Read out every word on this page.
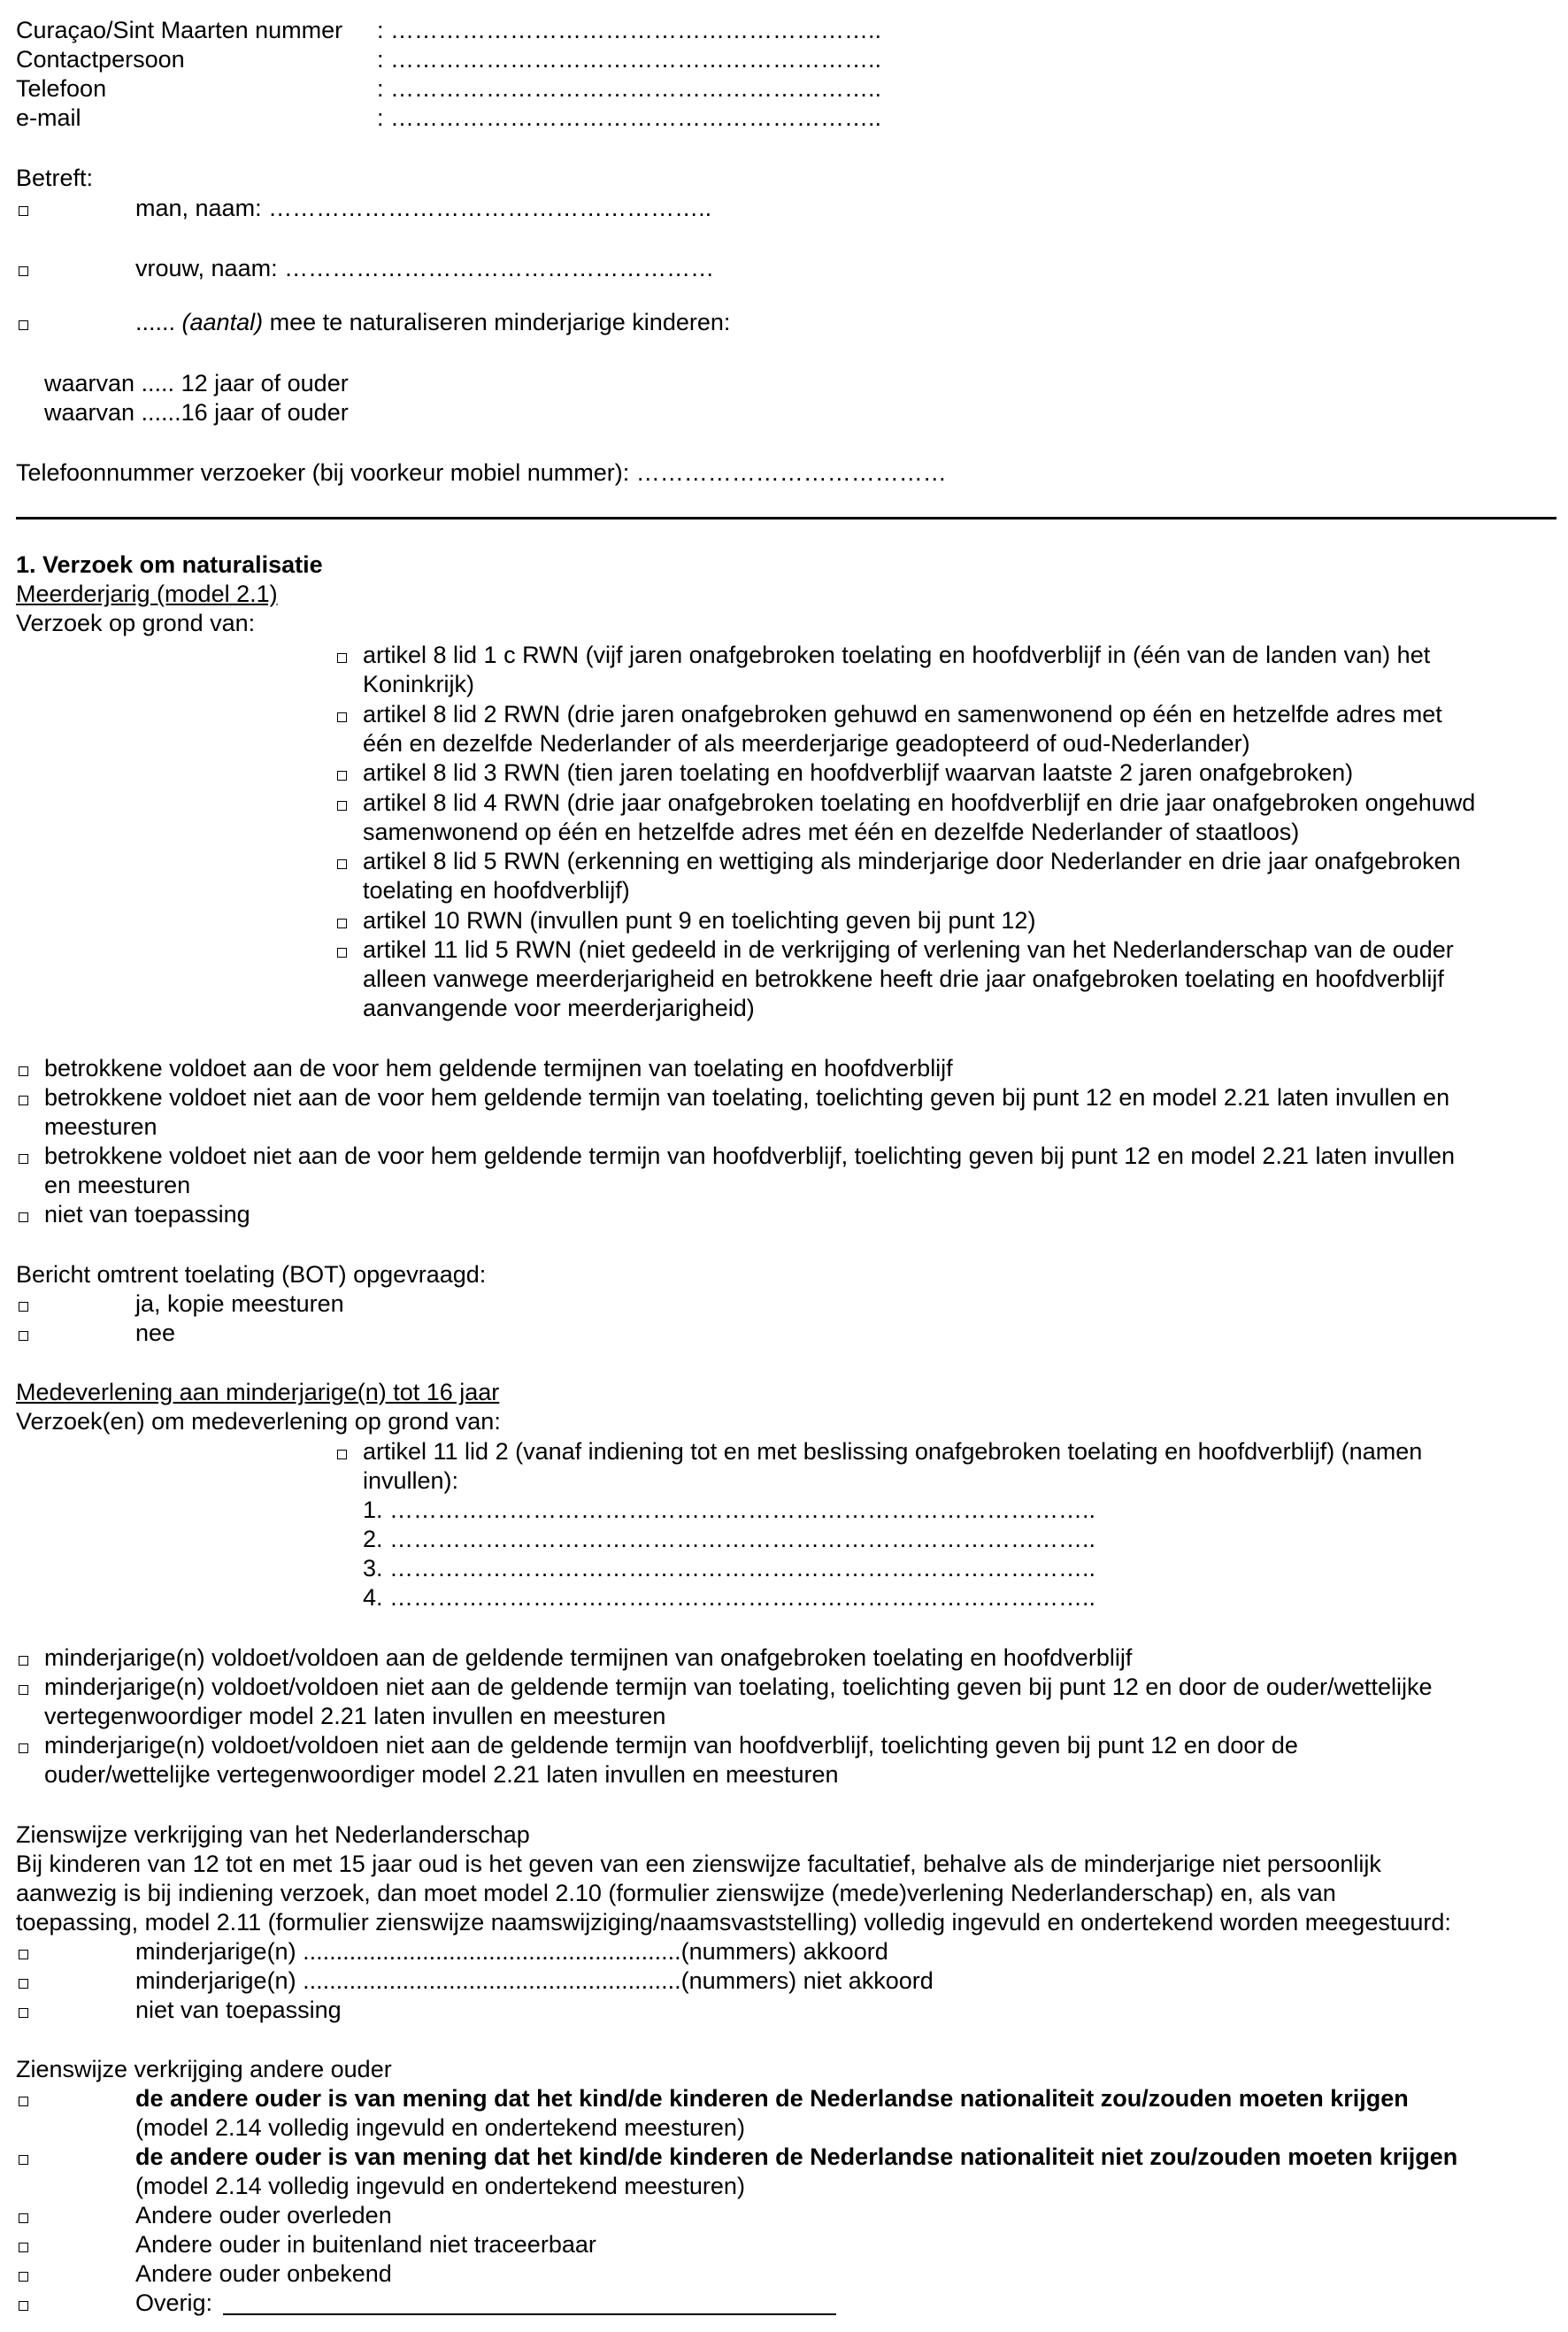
Curaçao/Sint Maarten nummer : ……………………………………………………..
Contactpersoon	: ……………………………………………………..
Telefoon	: ……………………………………………………..
e-mail	: ……………………………………………………..
Betreft:
man, naam: ………………………………………………..
vrouw, naam: ………………………………………………
...... (aantal) mee te naturaliseren minderjarige kinderen:
waarvan ..... 12 jaar of ouder
waarvan ......16 jaar of ouder
Telefoonnummer verzoeker (bij voorkeur mobiel nummer): …………………………………
1. Verzoek om naturalisatie
Meerderjarig (model 2.1)
Verzoek op grond van:
artikel 8 lid 1 c RWN (vijf jaren onafgebroken toelating en hoofdverblijf in (één van de landen van) het
Koninkrijk)
artikel 8 lid 2 RWN (drie jaren onafgebroken gehuwd en samenwonend op één en hetzelfde adres met
één en dezelfde Nederlander of als meerderjarige geadopteerd of oud-Nederlander)
artikel 8 lid 3 RWN (tien jaren toelating en hoofdverblijf waarvan laatste 2 jaren onafgebroken)
artikel 8 lid 4 RWN (drie jaar onafgebroken toelating en hoofdverblijf en drie jaar onafgebroken ongehuwd
samenwonend op één en hetzelfde adres met één en dezelfde Nederlander of staatloos)
artikel 8 lid 5 RWN (erkenning en wettiging als minderjarige door Nederlander en drie jaar onafgebroken
toelating en hoofdverblijf)
artikel 10 RWN (invullen punt 9 en toelichting geven bij punt 12)
artikel 11 lid 5 RWN (niet gedeeld in de verkrijging of verlening van het Nederlanderschap van de ouder
alleen vanwege meerderjarigheid en betrokkene heeft drie jaar onafgebroken toelating en hoofdverblijf
aanvangende voor meerderjarigheid)
betrokkene voldoet aan de voor hem geldende termijnen van toelating en hoofdverblijf
betrokkene voldoet niet aan de voor hem geldende termijn van toelating, toelichting geven bij punt 12 en model 2.21 laten invullen en
meesturen
betrokkene voldoet niet aan de voor hem geldende termijn van hoofdverblijf, toelichting geven bij punt 12 en model 2.21 laten invullen
en meesturen
niet van toepassing
Bericht omtrent toelating (BOT) opgevraagd:
ja, kopie meesturen
nee
Medeverlening aan minderjarige(n) tot 16 jaar
Verzoek(en) om medeverlening op grond van:
artikel 11 lid 2 (vanaf indiening tot en met beslissing onafgebroken toelating en hoofdverblijf) (namen
invullen):
1. ……………………………………………………………………………..
2. ……………………………………………………………………………..
3. ……………………………………………………………………………..
4. ……………………………………………………………………………..
minderjarige(n) voldoet/voldoen aan de geldende termijnen van onafgebroken toelating en hoofdverblijf
minderjarige(n) voldoet/voldoen niet aan de geldende termijn van toelating, toelichting geven bij punt 12 en door de ouder/wettelijke
vertegenwoordiger model 2.21 laten invullen en meesturen
minderjarige(n) voldoet/voldoen niet aan de geldende termijn van hoofdverblijf, toelichting geven bij punt 12 en door de
ouder/wettelijke vertegenwoordiger model 2.21 laten invullen en meesturen
Zienswijze verkrijging van het Nederlanderschap
Bij kinderen van 12 tot en met 15 jaar oud is het geven van een zienswijze facultatief, behalve als de minderjarige niet persoonlijk
aanwezig is bij indiening verzoek, dan moet model 2.10 (formulier zienswijze (mede)verlening Nederlanderschap) en, als van
toepassing, model 2.11 (formulier zienswijze naamswijziging/naamsvaststelling) volledig ingevuld en ondertekend worden meegestuurd:
minderjarige(n) .........................................................(nummers) akkoord
minderjarige(n) .........................................................(nummers) niet akkoord
niet van toepassing
Zienswijze verkrijging andere ouder
de andere ouder is van mening dat het kind/de kinderen de Nederlandse nationaliteit zou/zouden moeten krijgen
(model 2.14 volledig ingevuld en ondertekend meesturen)
de andere ouder is van mening dat het kind/de kinderen de Nederlandse nationaliteit niet zou/zouden moeten krijgen
(model 2.14 volledig ingevuld en ondertekend meesturen)
Andere ouder overleden
Andere ouder in buitenland niet traceerbaar
Andere ouder onbekend
Overig:
